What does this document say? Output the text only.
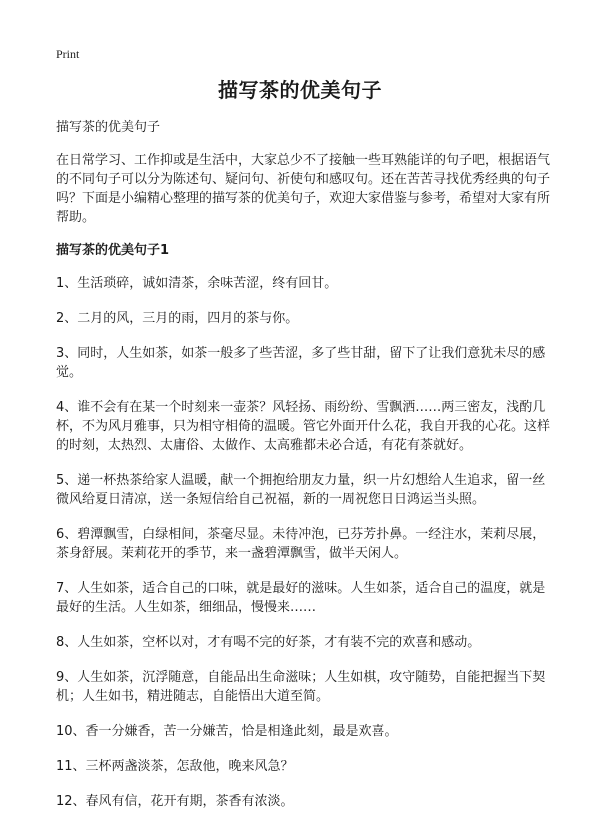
Print
描写茶的优美句子

描写茶的优美句子

在日常学习、工作抑或是生活中，大家总少不了接触一些耳熟能详的句子吧，根据语气的不同句子可以分为陈述句、疑问句、祈使句和感叹句。还在苦苦寻找优秀经典的句子吗？下面是小编精心整理的描写茶的优美句子，欢迎大家借鉴与参考，希望对大家有所帮助。

描写茶的优美句子1

1、生活琐碎，诚如清茶，余味苦涩，终有回甘。

2、二月的风，三月的雨，四月的茶与你。

3、同时，人生如茶，如茶一般多了些苦涩，多了些甘甜，留下了让我们意犹未尽的感觉。

4、谁不会有在某一个时刻来一壶茶？风轻扬、雨纷纷、雪飘洒……两三密友，浅酌几杯，不为风月雅事，只为相守相倚的温暖。管它外面开什么花，我自开我的心花。这样的时刻，太热烈、太庸俗、太做作、太高雅都未必合适，有花有茶就好。

5、递一杯热茶给家人温暖，献一个拥抱给朋友力量，织一片幻想给人生追求，留一丝微风给夏日清凉，送一条短信给自己祝福，新的一周祝您日日鸿运当头照。

6、碧潭飘雪，白绿相间，茶毫尽显。未待冲泡，已芬芳扑鼻。一经注水，茉莉尽展，茶身舒展。茉莉花开的季节，来一盏碧潭飘雪，做半天闲人。

7、人生如茶，适合自己的口味，就是最好的滋味。人生如茶，适合自己的温度，就是最好的生活。人生如茶，细细品，慢慢来……

8、人生如茶，空杯以对，才有喝不完的好茶，才有装不完的欢喜和感动。

9、人生如茶，沉浮随意，自能品出生命滋味；人生如棋，攻守随势，自能把握当下契机；人生如书，精进随志，自能悟出大道至简。

10、香一分嫌香，苦一分嫌苦，恰是相逢此刻，最是欢喜。

11、三杯两盏淡茶，怎敌他，晚来风急？

12、春风有信，花开有期，茶香有浓淡。
